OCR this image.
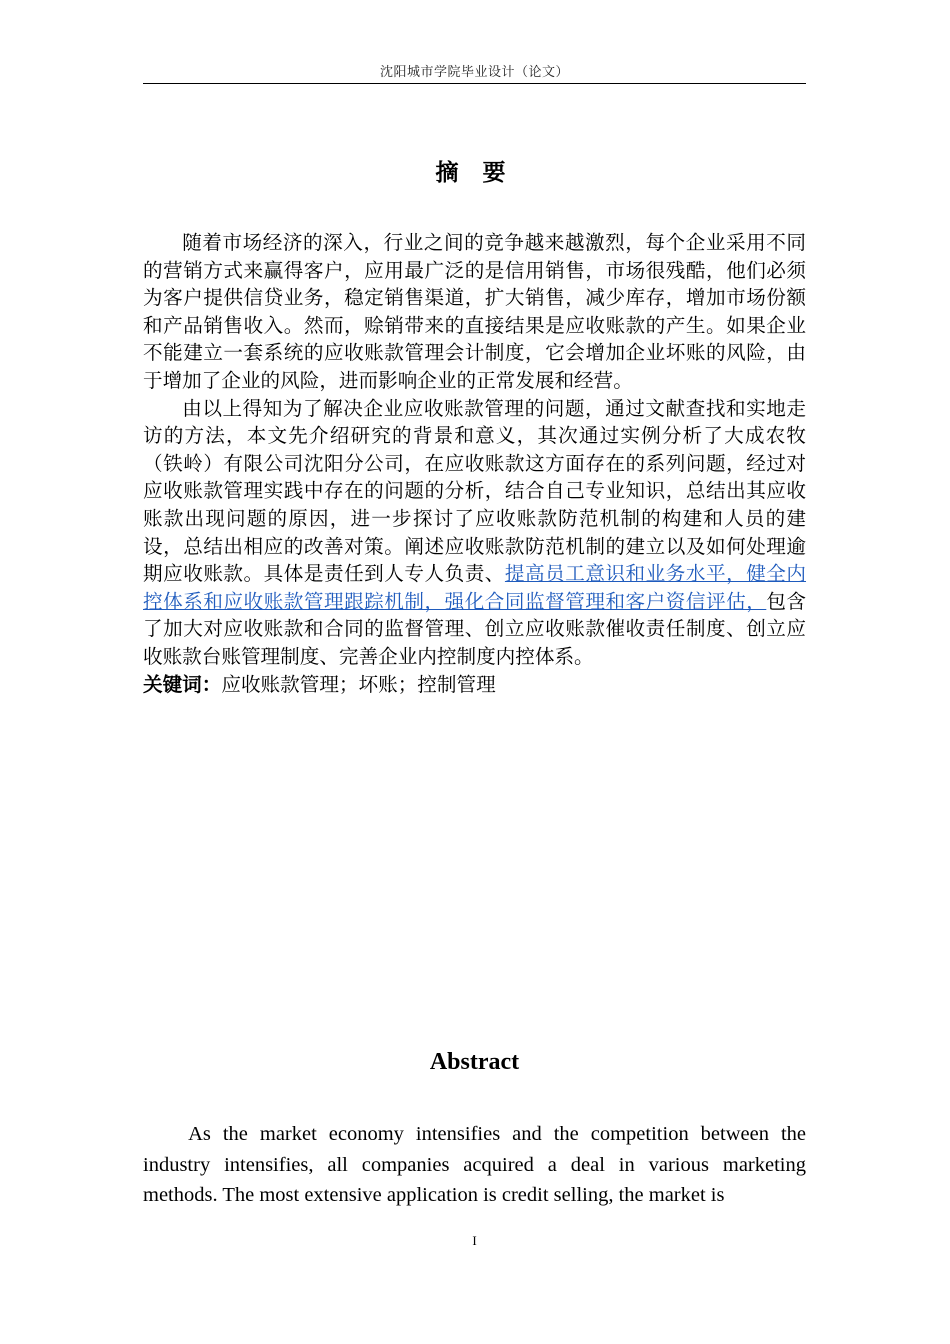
沈阳城市学院毕业设计（论文）
摘 要

随着市场经济的深入，行业之间的竞争越来越激烈，每个企业采用不同的营销方式来赢得客户，应用最广泛的是信用销售，市场很残酷，他们必须为客户提供信贷业务，稳定销售渠道，扩大销售，减少库存，增加市场份额和产品销售收入。然而，赊销带来的直接结果是应收账款的产生。如果企业不能建立一套系统的应收账款管理会计制度，它会增加企业坏账的风险，由于增加了企业的风险，进而影响企业的正常发展和经营。

由以上得知为了解决企业应收账款管理的问题，通过文献查找和实地走访的方法，本文先介绍研究的背景和意义，其次通过实例分析了大成农牧（铁岭）有限公司沈阳分公司，在应收账款这方面存在的系列问题，经过对应收账款管理实践中存在的问题的分析，结合自己专业知识，总结出其应收账款出现问题的原因，进一步探讨了应收账款防范机制的构建和人员的建设，总结出相应的改善对策。阐述应收账款防范机制的建立以及如何处理逾期应收账款。具体是责任到人专人负责、提高员工意识和业务水平，健全内控体系和应收账款管理跟踪机制，强化合同监督管理和客户资信评估，包含了加大对应收账款和合同的监督管理、创立应收账款催收责任制度、创立应收账款台账管理制度、完善企业内控制度内控体系。

关键词：应收账款管理；坏账；控制管理
Abstract

As the market economy intensifies and the competition between the industry intensifies, all companies acquired a deal in various marketing methods. The most extensive application is credit selling, the market is

I
